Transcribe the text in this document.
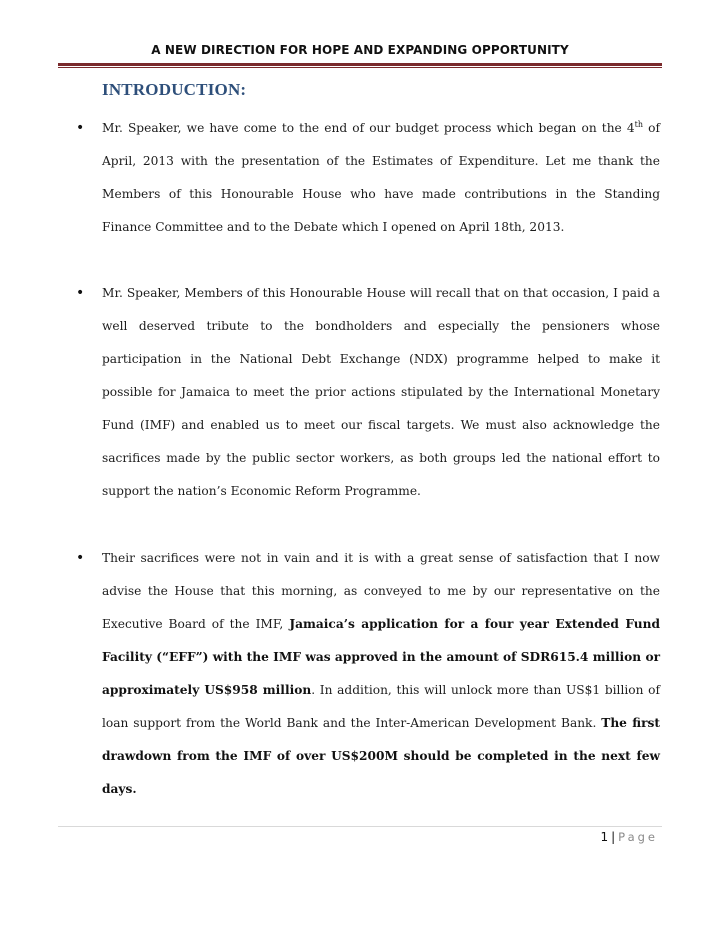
A NEW DIRECTION FOR HOPE AND EXPANDING OPPORTUNITY
INTRODUCTION:
• Mr. Speaker, we have come to the end of our budget process which began on the 4th of April, 2013 with the presentation of the Estimates of Expenditure. Let me thank the Members of this Honourable House who have made contributions in the Standing Finance Committee and to the Debate which I opened on April 18th, 2013.
• Mr. Speaker, Members of this Honourable House will recall that on that occasion, I paid a well deserved tribute to the bondholders and especially the pensioners whose participation in the National Debt Exchange (NDX) programme helped to make it possible for Jamaica to meet the prior actions stipulated by the International Monetary Fund (IMF) and enabled us to meet our fiscal targets. We must also acknowledge the sacrifices made by the public sector workers, as both groups led the national effort to support the nation’s Economic Reform Programme.
• Their sacrifices were not in vain and it is with a great sense of satisfaction that I now advise the House that this morning, as conveyed to me by our representative on the Executive Board of the IMF, Jamaica’s application for a four year Extended Fund Facility (“EFF”) with the IMF was approved in the amount of SDR615.4 million or approximately US$958 million. In addition, this will unlock more than US$1 billion of loan support from the World Bank and the Inter-American Development Bank. The first drawdown from the IMF of over US$200M should be completed in the next few days.
1 | Page
